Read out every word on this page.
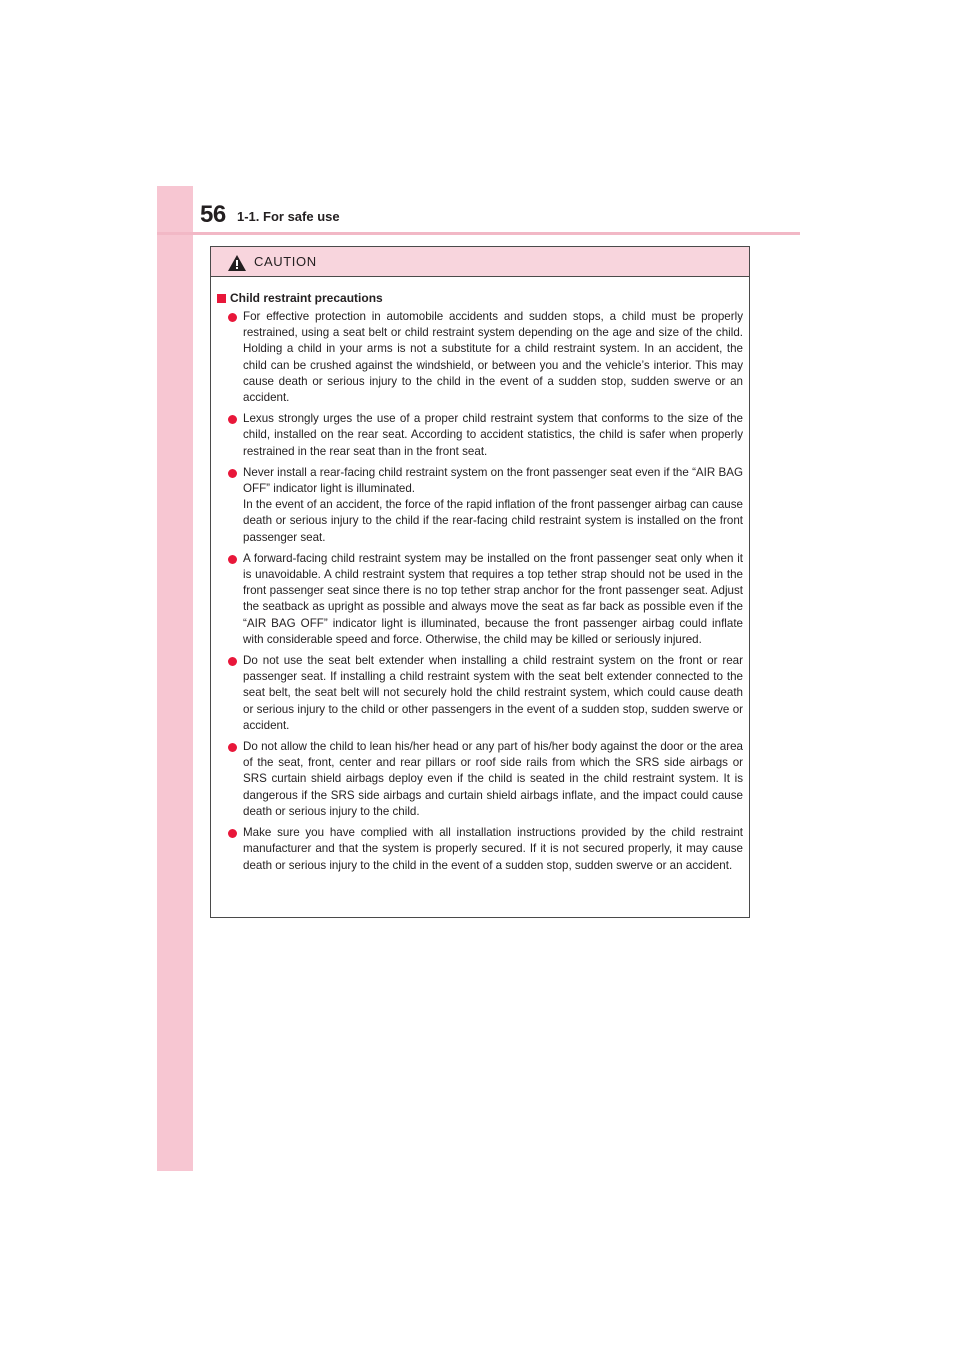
56 1-1. For safe use
CAUTION
Child restraint precautions
For effective protection in automobile accidents and sudden stops, a child must be properly restrained, using a seat belt or child restraint system depending on the age and size of the child. Holding a child in your arms is not a substitute for a child restraint system. In an accident, the child can be crushed against the windshield, or between you and the vehicle’s interior. This may cause death or serious injury to the child in the event of a sudden stop, sudden swerve or an accident.
Lexus strongly urges the use of a proper child restraint system that conforms to the size of the child, installed on the rear seat. According to accident statistics, the child is safer when properly restrained in the rear seat than in the front seat.
Never install a rear-facing child restraint system on the front passenger seat even if the “AIR BAG OFF” indicator light is illuminated.
In the event of an accident, the force of the rapid inflation of the front passenger airbag can cause death or serious injury to the child if the rear-facing child restraint system is installed on the front passenger seat.
A forward-facing child restraint system may be installed on the front passenger seat only when it is unavoidable. A child restraint system that requires a top tether strap should not be used in the front passenger seat since there is no top tether strap anchor for the front passenger seat. Adjust the seatback as upright as possible and always move the seat as far back as possible even if the “AIR BAG OFF” indicator light is illuminated, because the front passenger airbag could inflate with considerable speed and force. Otherwise, the child may be killed or seriously injured.
Do not use the seat belt extender when installing a child restraint system on the front or rear passenger seat. If installing a child restraint system with the seat belt extender connected to the seat belt, the seat belt will not securely hold the child restraint system, which could cause death or serious injury to the child or other passengers in the event of a sudden stop, sudden swerve or accident.
Do not allow the child to lean his/her head or any part of his/her body against the door or the area of the seat, front, center and rear pillars or roof side rails from which the SRS side airbags or SRS curtain shield airbags deploy even if the child is seated in the child restraint system. It is dangerous if the SRS side airbags and curtain shield airbags inflate, and the impact could cause death or serious injury to the child.
Make sure you have complied with all installation instructions provided by the child restraint manufacturer and that the system is properly secured. If it is not secured properly, it may cause death or serious injury to the child in the event of a sudden stop, sudden swerve or an accident.
